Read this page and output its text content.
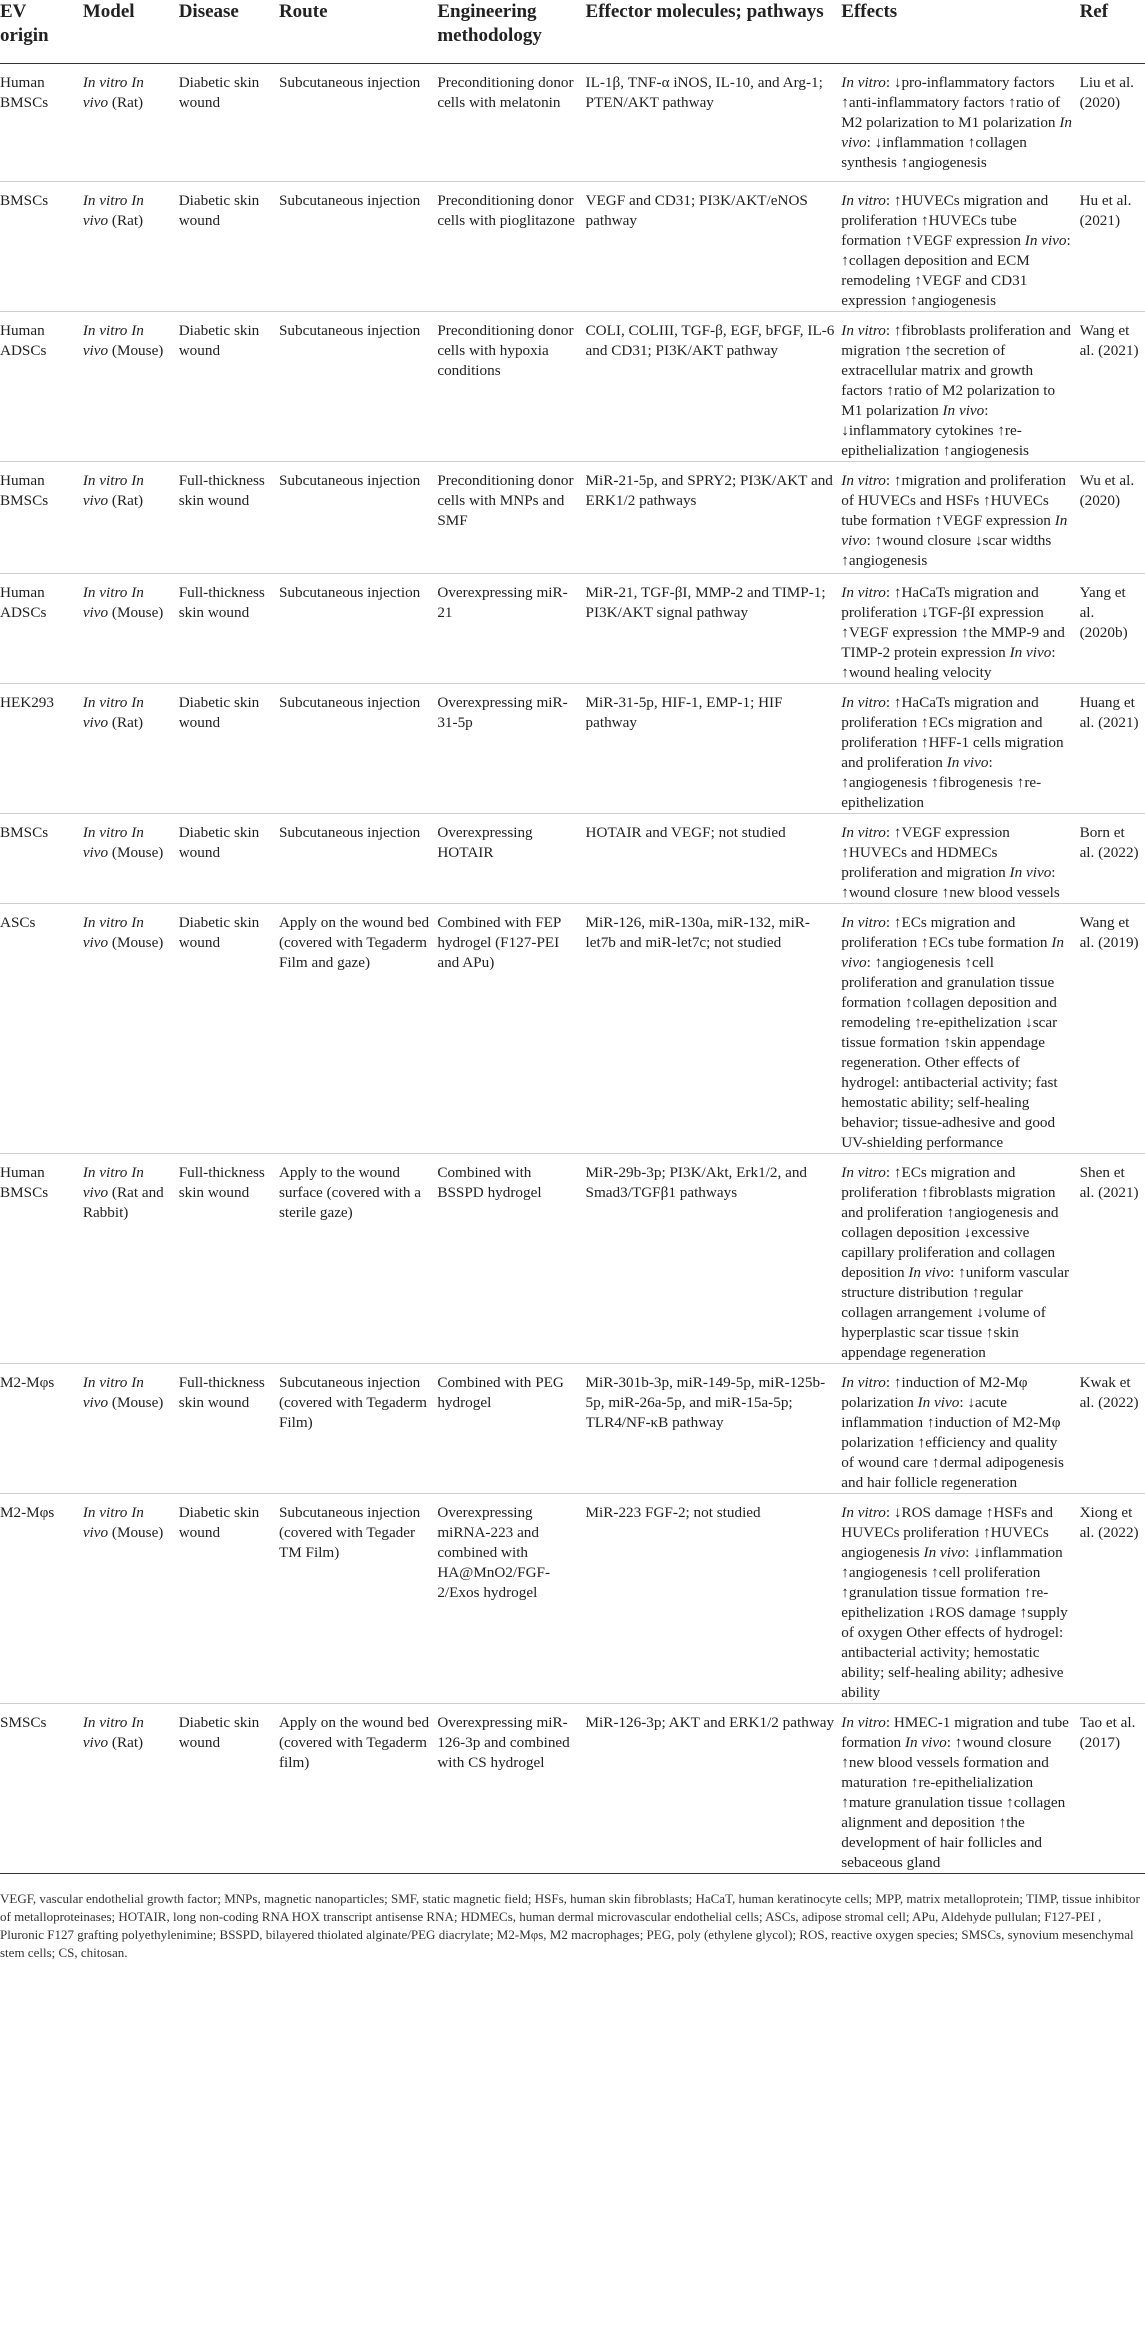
EV origin	Model	Disease	Route	Engineering methodology	Effector molecules; pathways	Effects	Ref
Human BMSCs	In vitro In vivo (Rat)	Diabetic skin wound	Subcutaneous injection	Preconditioning donor cells with melatonin	IL-1β, TNF-α iNOS, IL-10, and Arg-1; PTEN/AKT pathway	In vitro: ↓pro-inflammatory factors ↑anti-inflammatory factors ↑ratio of M2 polarization to M1 polarization In vivo: ↓inflammation ↑collagen synthesis ↑angiogenesis	Liu et al. (2020)
BMSCs	In vitro In vivo (Rat)	Diabetic skin wound	Subcutaneous injection	Preconditioning donor cells with pioglitazone	VEGF and CD31; PI3K/AKT/eNOS pathway	In vitro: ↑HUVECs migration and proliferation ↑HUVECs tube formation ↑VEGF expression In vivo: ↑collagen deposition and ECM remodeling ↑VEGF and CD31 expression ↑angiogenesis	Hu et al. (2021)
Human ADSCs	In vitro In vivo (Mouse)	Diabetic skin wound	Subcutaneous injection	Preconditioning donor cells with hypoxia conditions	COLI, COLIII, TGF-β, EGF, bFGF, IL-6 and CD31; PI3K/AKT pathway	In vitro: ↑fibroblasts proliferation and migration ↑the secretion of extracellular matrix and growth factors ↑ratio of M2 polarization to M1 polarization In vivo: ↓inflammatory cytokines ↑re-epithelialization ↑angiogenesis	Wang et al. (2021)
Human BMSCs	In vitro In vivo (Rat)	Full-thickness skin wound	Subcutaneous injection	Preconditioning donor cells with MNPs and SMF	MiR-21-5p, and SPRY2; PI3K/AKT and ERK1/2 pathways	In vitro: ↑migration and proliferation of HUVECs and HSFs ↑HUVECs tube formation ↑VEGF expression In vivo: ↑wound closure ↓scar widths ↑angiogenesis	Wu et al. (2020)
Human ADSCs	In vitro In vivo (Mouse)	Full-thickness skin wound	Subcutaneous injection	Overexpressing miR-21	MiR-21, TGF-βI, MMP-2 and TIMP-1; PI3K/AKT signal pathway	In vitro: ↑HaCaTs migration and proliferation ↓TGF-βI expression ↑VEGF expression ↑the MMP-9 and TIMP-2 protein expression In vivo: ↑wound healing velocity	Yang et al. (2020b)
HEK293	In vitro In vivo (Rat)	Diabetic skin wound	Subcutaneous injection	Overexpressing miR-31-5p	MiR-31-5p, HIF-1, EMP-1; HIF pathway	In vitro: ↑HaCaTs migration and proliferation ↑ECs migration and proliferation ↑HFF-1 cells migration and proliferation In vivo: ↑angiogenesis ↑fibrogenesis ↑re-epithelization	Huang et al. (2021)
BMSCs	In vitro In vivo (Mouse)	Diabetic skin wound	Subcutaneous injection	Overexpressing HOTAIR	HOTAIR and VEGF; not studied	In vitro: ↑VEGF expression ↑HUVECs and HDMECs proliferation and migration In vivo: ↑wound closure ↑new blood vessels	Born et al. (2022)
ASCs	In vitro In vivo (Mouse)	Diabetic skin wound	Apply on the wound bed (covered with Tegaderm Film and gaze)	Combined with FEP hydrogel (F127-PEI and APu)	MiR-126, miR-130a, miR-132, miR-let7b and miR-let7c; not studied	In vitro: ↑ECs migration and proliferation ↑ECs tube formation In vivo: ↑angiogenesis ↑cell proliferation and granulation tissue formation ↑collagen deposition and remodeling ↑re-epithelization ↓scar tissue formation ↑skin appendage regeneration. Other effects of hydrogel: antibacterial activity; fast hemostatic ability; self-healing behavior; tissue-adhesive and good UV-shielding performance	Wang et al. (2019)
Human BMSCs	In vitro In vivo (Rat and Rabbit)	Full-thickness skin wound	Apply to the wound surface (covered with a sterile gaze)	Combined with BSSPD hydrogel	MiR-29b-3p; PI3K/Akt, Erk1/2, and Smad3/TGFβ1 pathways	In vitro: ↑ECs migration and proliferation ↑fibroblasts migration and proliferation ↑angiogenesis and collagen deposition ↓excessive capillary proliferation and collagen deposition In vivo: ↑uniform vascular structure distribution ↑regular collagen arrangement ↓volume of hyperplastic scar tissue ↑skin appendage regeneration	Shen et al. (2021)
M2-Mφs	In vitro In vivo (Mouse)	Full-thickness skin wound	Subcutaneous injection (covered with Tegaderm Film)	Combined with PEG hydrogel	MiR-301b-3p, miR-149-5p, miR-125b-5p, miR-26a-5p, and miR-15a-5p; TLR4/NF-κB pathway	In vitro: ↑induction of M2-Mφ polarization In vivo: ↓acute inflammation ↑induction of M2-Mφ polarization ↑efficiency and quality of wound care ↑dermal adipogenesis and hair follicle regeneration	Kwak et al. (2022)
M2-Mφs	In vitro In vivo (Mouse)	Diabetic skin wound	Subcutaneous injection (covered with Tegader TM Film)	Overexpressing miRNA-223 and combined with HA@MnO2/FGF-2/Exos hydrogel	MiR-223 FGF-2; not studied	In vitro: ↓ROS damage ↑HSFs and HUVECs proliferation ↑HUVECs angiogenesis In vivo: ↓inflammation ↑angiogenesis ↑cell proliferation ↑granulation tissue formation ↑re-epithelization ↓ROS damage ↑supply of oxygen Other effects of hydrogel: antibacterial activity; hemostatic ability; self-healing ability; adhesive ability	Xiong et al. (2022)
SMSCs	In vitro In vivo (Rat)	Diabetic skin wound	Apply on the wound bed (covered with Tegaderm film)	Overexpressing miR-126-3p and combined with CS hydrogel	MiR-126-3p; AKT and ERK1/2 pathway	In vitro: HMEC-1 migration and tube formation In vivo: ↑wound closure ↑new blood vessels formation and maturation ↑re-epithelialization ↑mature granulation tissue ↑collagen alignment and deposition ↑the development of hair follicles and sebaceous gland	Tao et al. (2017)
VEGF, vascular endothelial growth factor; MNPs, magnetic nanoparticles; SMF, static magnetic field; HSFs, human skin fibroblasts; HaCaT, human keratinocyte cells; MPP, matrix metalloprotein; TIMP, tissue inhibitor of metalloproteinases; HOTAIR, long non-coding RNA HOX transcript antisense RNA; HDMECs, human dermal microvascular endothelial cells; ASCs, adipose stromal cell; APu, Aldehyde pullulan; F127-PEI , Pluronic F127 grafting polyethylenimine; BSSPD, bilayered thiolated alginate/PEG diacrylate; M2-Mφs, M2 macrophages; PEG, poly (ethylene glycol); ROS, reactive oxygen species; SMSCs, synovium mesenchymal stem cells; CS, chitosan.
